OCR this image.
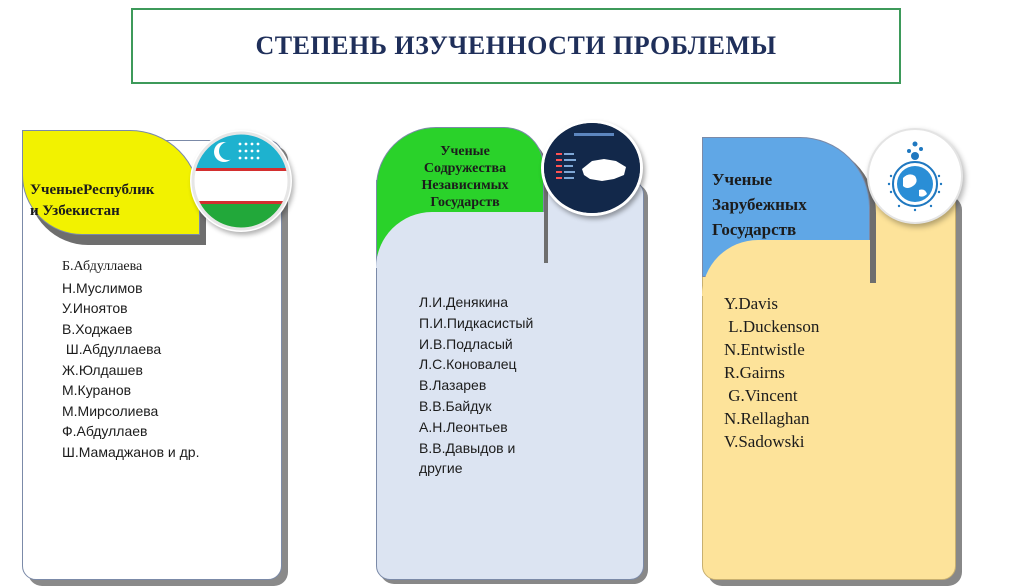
СТЕПЕНЬ ИЗУЧЕННОСТИ ПРОБЛЕМЫ
УченыеРеспублик
и Узбекистан
Б.Абдуллаева
Н.Муслимов
У.Иноятов
В.Ходжаев
Ш.Абдуллаева
Ж.Юлдашев
М.Куранов
М.Мирсолиева
Ф.Абдуллаев
Ш.Мамаджанов и др.
Ученые
Содружества
Независимых
Государств
Л.И.Денякина
П.И.Пидкасистый
И.В.Подласый
Л.С.Коновалец
В.Лазарев
В.В.Байдук
А.Н.Леонтьев
В.В.Давыдов и
другие
Ученые
Зарубежных
Государств
Y.Davis
L.Duckenson
N.Entwistle
R.Gairns
G.Vincent
N.Rellaghan
V.Sadowski
